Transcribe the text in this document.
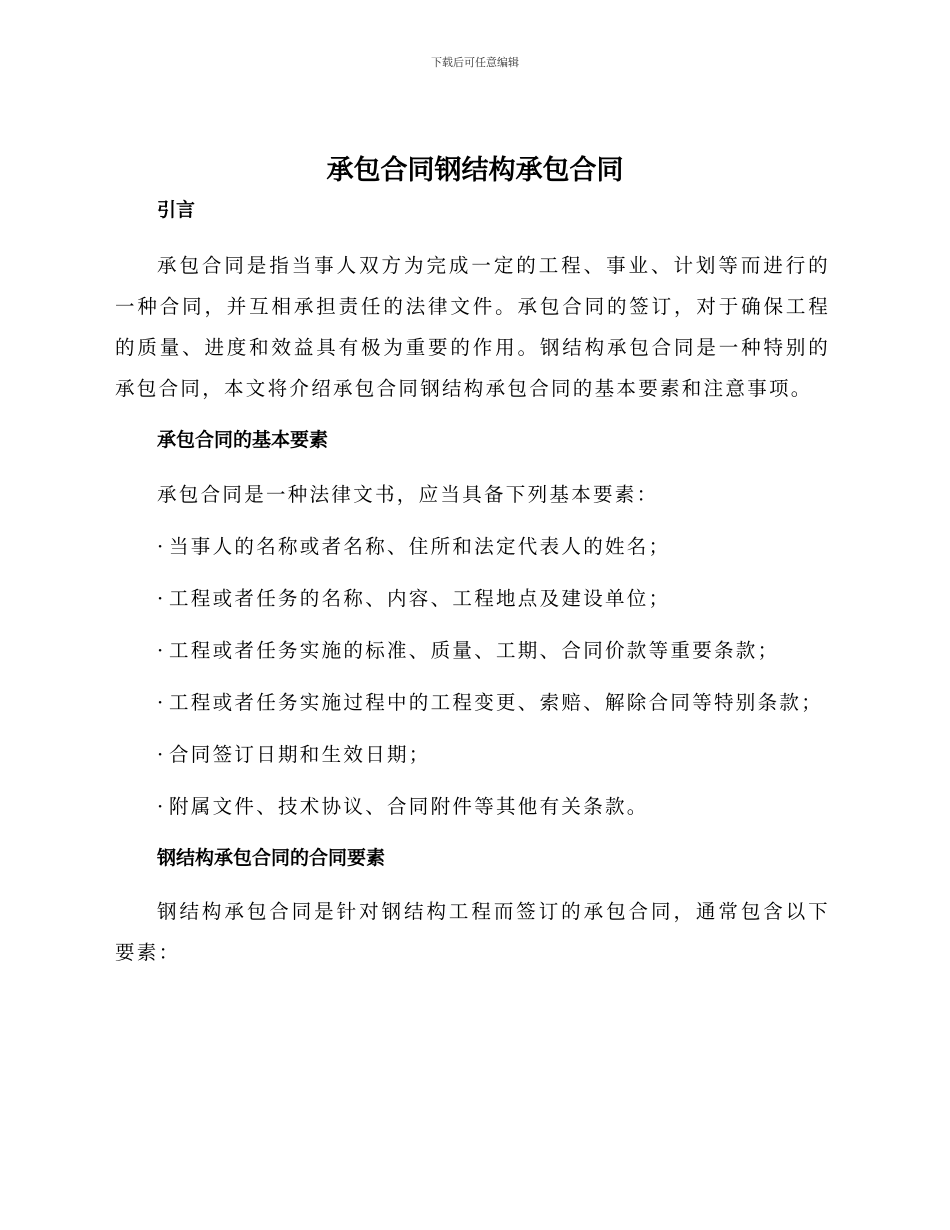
下载后可任意编辑
承包合同钢结构承包合同

引言

承包合同是指当事人双方为完成一定的工程、事业、计划等而进行的一种合同，并互相承担责任的法律文件。承包合同的签订，对于确保工程的质量、进度和效益具有极为重要的作用。钢结构承包合同是一种特别的承包合同，本文将介绍承包合同钢结构承包合同的基本要素和注意事项。

承包合同的基本要素

承包合同是一种法律文书，应当具备下列基本要素：

· 当事人的名称或者名称、住所和法定代表人的姓名；

· 工程或者任务的名称、内容、工程地点及建设单位；

· 工程或者任务实施的标准、质量、工期、合同价款等重要条款；

· 工程或者任务实施过程中的工程变更、索赔、解除合同等特别条款；

· 合同签订日期和生效日期；

· 附属文件、技术协议、合同附件等其他有关条款。

钢结构承包合同的合同要素

钢结构承包合同是针对钢结构工程而签订的承包合同，通常包含以下要素：
